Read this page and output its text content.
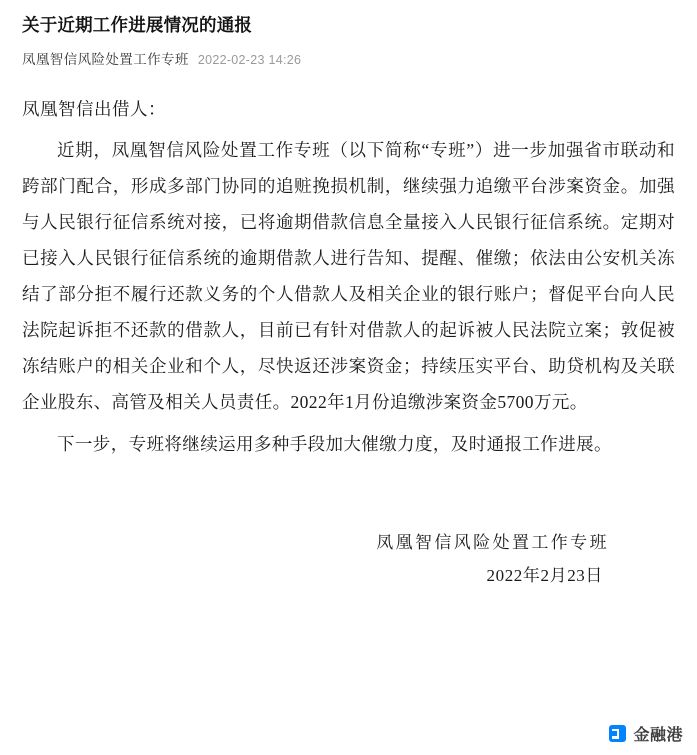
关于近期工作进展情况的通报
凤凰智信风险处置工作专班 2022-02-23 14:26

凤凰智信出借人：

近期，凤凰智信风险处置工作专班（以下简称“专班”）进一步加强省市联动和跨部门配合，形成多部门协同的追赃挽损机制，继续强力追缴平台涉案资金。加强与人民银行征信系统对接，已将逾期借款信息全量接入人民银行征信系统。定期对已接入人民银行征信系统的逾期借款人进行告知、提醒、催缴；依法由公安机关冻结了部分拒不履行还款义务的个人借款人及相关企业的银行账户；督促平台向人民法院起诉拒不还款的借款人，目前已有针对借款人的起诉被人民法院立案；敦促被冻结账户的相关企业和个人，尽快返还涉案资金；持续压实平台、助贷机构及关联企业股东、高管及相关人员责任。2022年1月份追缴涉案资金5700万元。

下一步，专班将继续运用多种手段加大催缴力度，及时通报工作进展。

凤凰智信风险处置工作专班
2022年2月23日
金融港
